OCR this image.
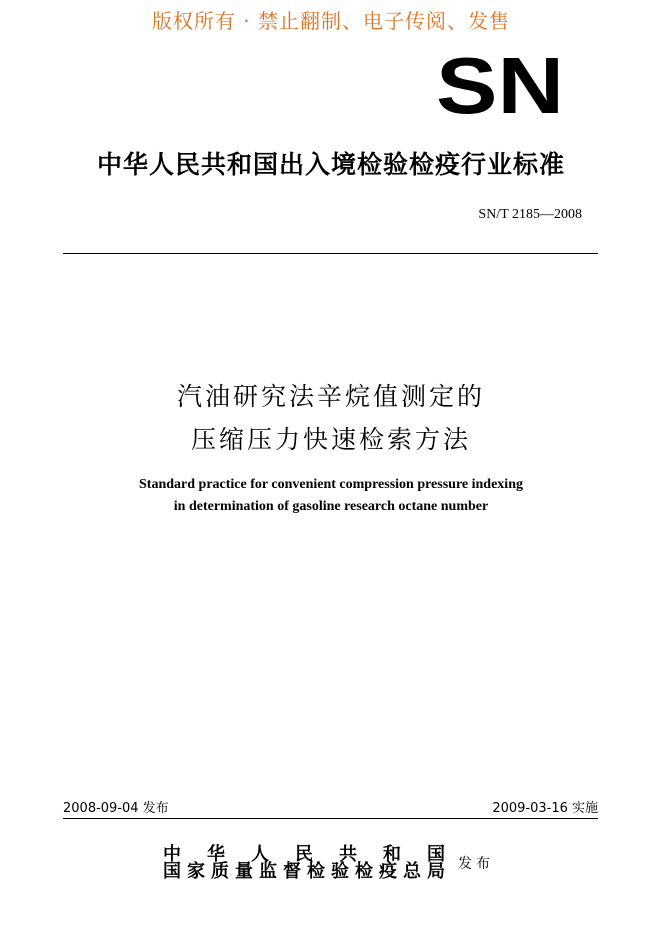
版权所有 · 禁止翻制、电子传阅、发售
SN
中华人民共和国出入境检验检疫行业标准
SN/T 2185—2008
汽油研究法辛烷值测定的
压缩压力快速检索方法
Standard practice for convenient compression pressure indexing
in determination of gasoline research octane number
2008-09-04 发布	2009-03-16 实施
中华人民共和国
国家质量监督检验检疫总局 发布
